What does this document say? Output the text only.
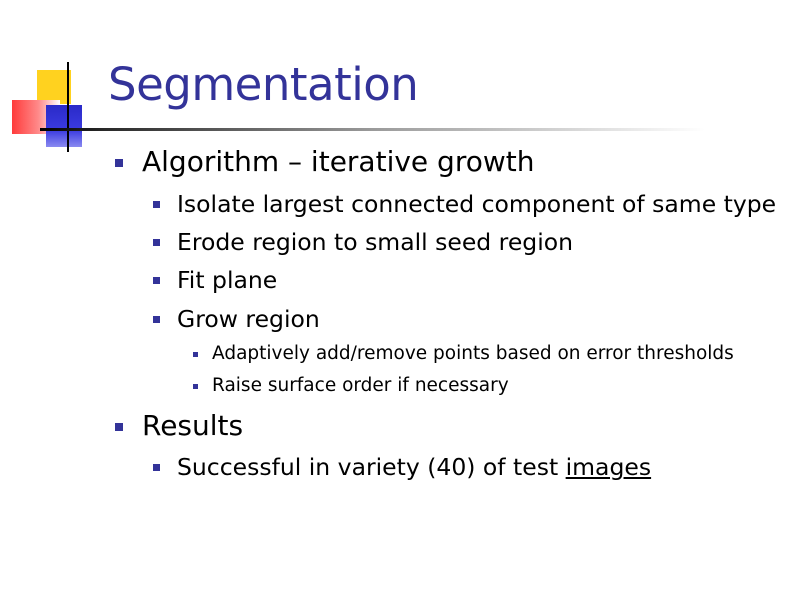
Segmentation
Algorithm – iterative growth
Isolate largest connected component of same type
Erode region to small seed region
Fit plane
Grow region
Adaptively add/remove points based on error thresholds
Raise surface order if necessary
Results
Successful in variety (40) of test images
